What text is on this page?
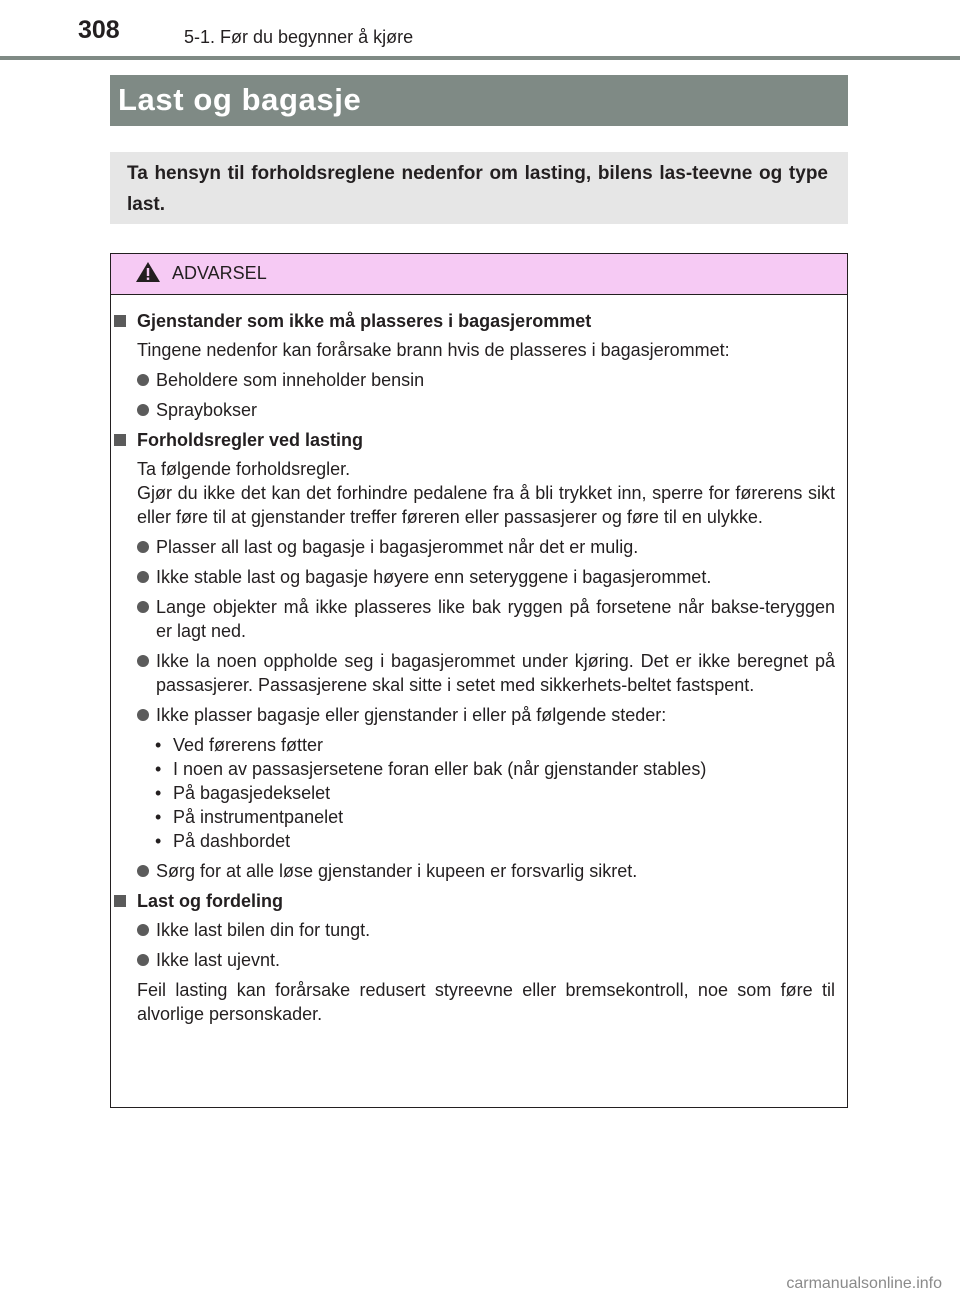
308	5-1. Før du begynner å kjøre
Last og bagasje
Ta hensyn til forholdsreglene nedenfor om lasting, bilens las-teevne og type last.
ADVARSEL
Gjenstander som ikke må plasseres i bagasjerommet
Tingene nedenfor kan forårsake brann hvis de plasseres i bagasjerommet:
Beholdere som inneholder bensin
Spraybokser
Forholdsregler ved lasting
Ta følgende forholdsregler.
Gjør du ikke det kan det forhindre pedalene fra å bli trykket inn, sperre for førerens sikt eller føre til at gjenstander treffer føreren eller passasjerer og føre til en ulykke.
Plasser all last og bagasje i bagasjerommet når det er mulig.
Ikke stable last og bagasje høyere enn seteryggene i bagasjerommet.
Lange objekter må ikke plasseres like bak ryggen på forsetene når bakse-teryggen er lagt ned.
Ikke la noen oppholde seg i bagasjerommet under kjøring. Det er ikke beregnet på passasjerer. Passasjerene skal sitte i setet med sikkerhets-beltet fastspent.
Ikke plasser bagasje eller gjenstander i eller på følgende steder:
• Ved førerens føtter
• I noen av passasjersetene foran eller bak (når gjenstander stables)
• På bagasjedekselet
• På instrumentpanelet
• På dashbordet
Sørg for at alle løse gjenstander i kupeen er forsvarlig sikret.
Last og fordeling
Ikke last bilen din for tungt.
Ikke last ujevnt.
Feil lasting kan forårsake redusert styreevne eller bremsekontroll, noe som føre til alvorlige personskader.
carmanualsonline.info
